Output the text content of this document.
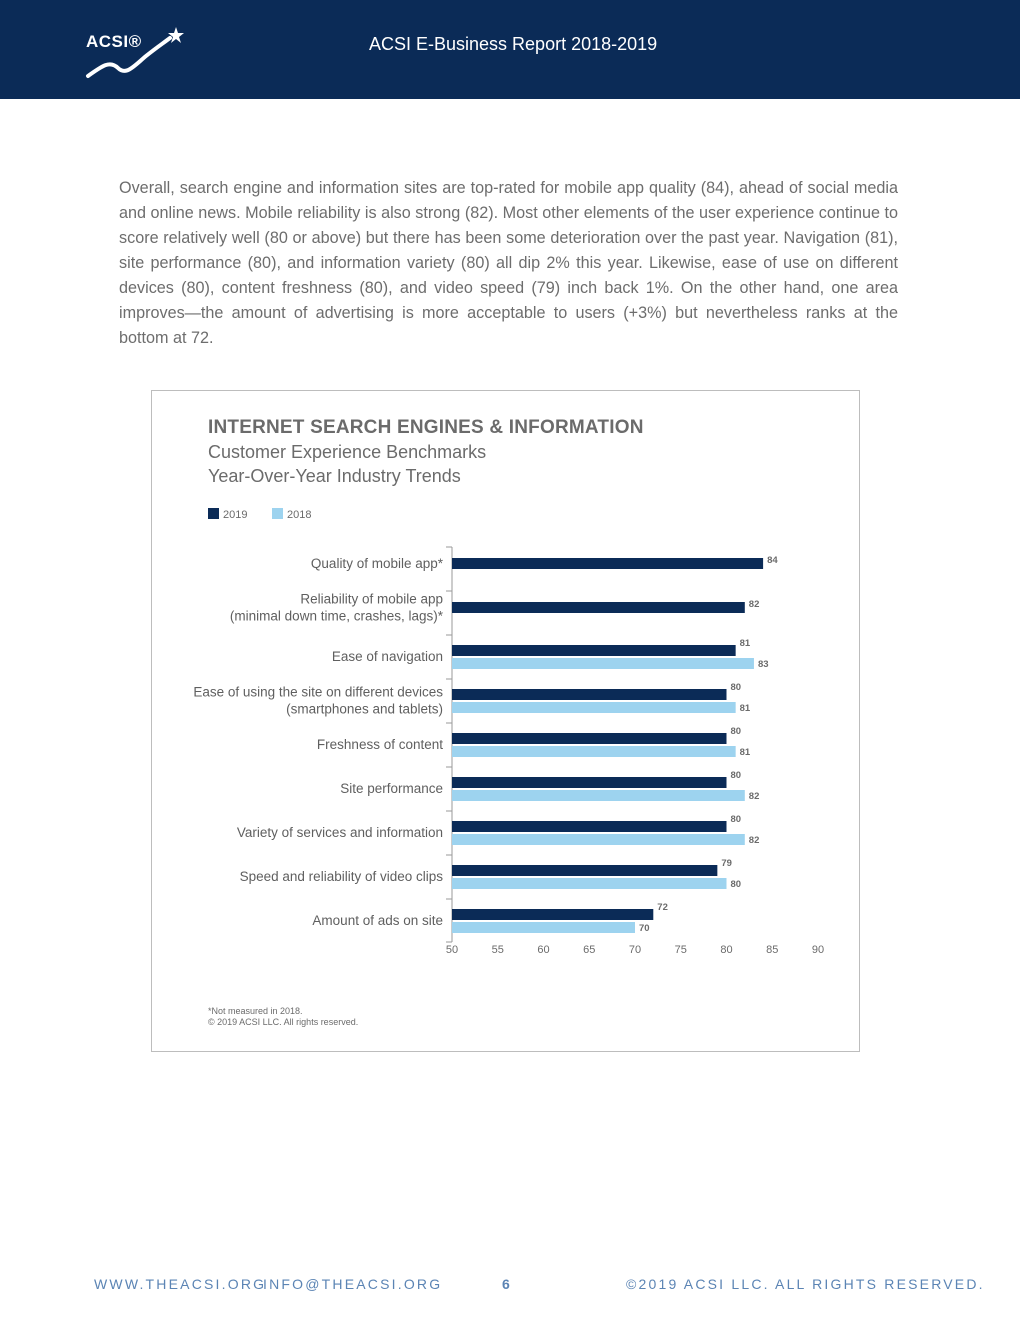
ACSI®	ACSI E-Business Report 2018-2019

Overall, search engine and information sites are top-rated for mobile app quality (84), ahead of social media and online news. Mobile reliability is also strong (82). Most other elements of the user experience continue to score relatively well (80 or above) but there has been some deterioration over the past year. Navigation (81), site performance (80), and information variety (80) all dip 2% this year. Likewise, ease of use on different devices (80), content freshness (80), and video speed (79) inch back 1%. On the other hand, one area improves—the amount of advertising is more acceptable to users (+3%) but nevertheless ranks at the bottom at 72.

INTERNET SEARCH ENGINES & INFORMATION
Customer Experience Benchmarks
Year-Over-Year Industry Trends
2019	2018
Quality of mobile app*	84
Reliability of mobile app
(minimal down time, crashes, lags)*
82
Ease of navigation
81
83
Ease of using the site on different devices
(smartphones and tablets)
80
81
Freshness of content
80
81
Site performance
80
82
Variety of services and information
80
82
Speed and reliability of video clips
79
80
Amount of ads on site
72
70
50	55	60	65	70	75	80	85	90
*Not measured in 2018.
© 2019 ACSI LLC. All rights reserved.
WWW.THEACSI.ORG
INFO@THEACSI.ORG	6	©2019 ACSI LLC. ALL RIGHTS RESERVED.
